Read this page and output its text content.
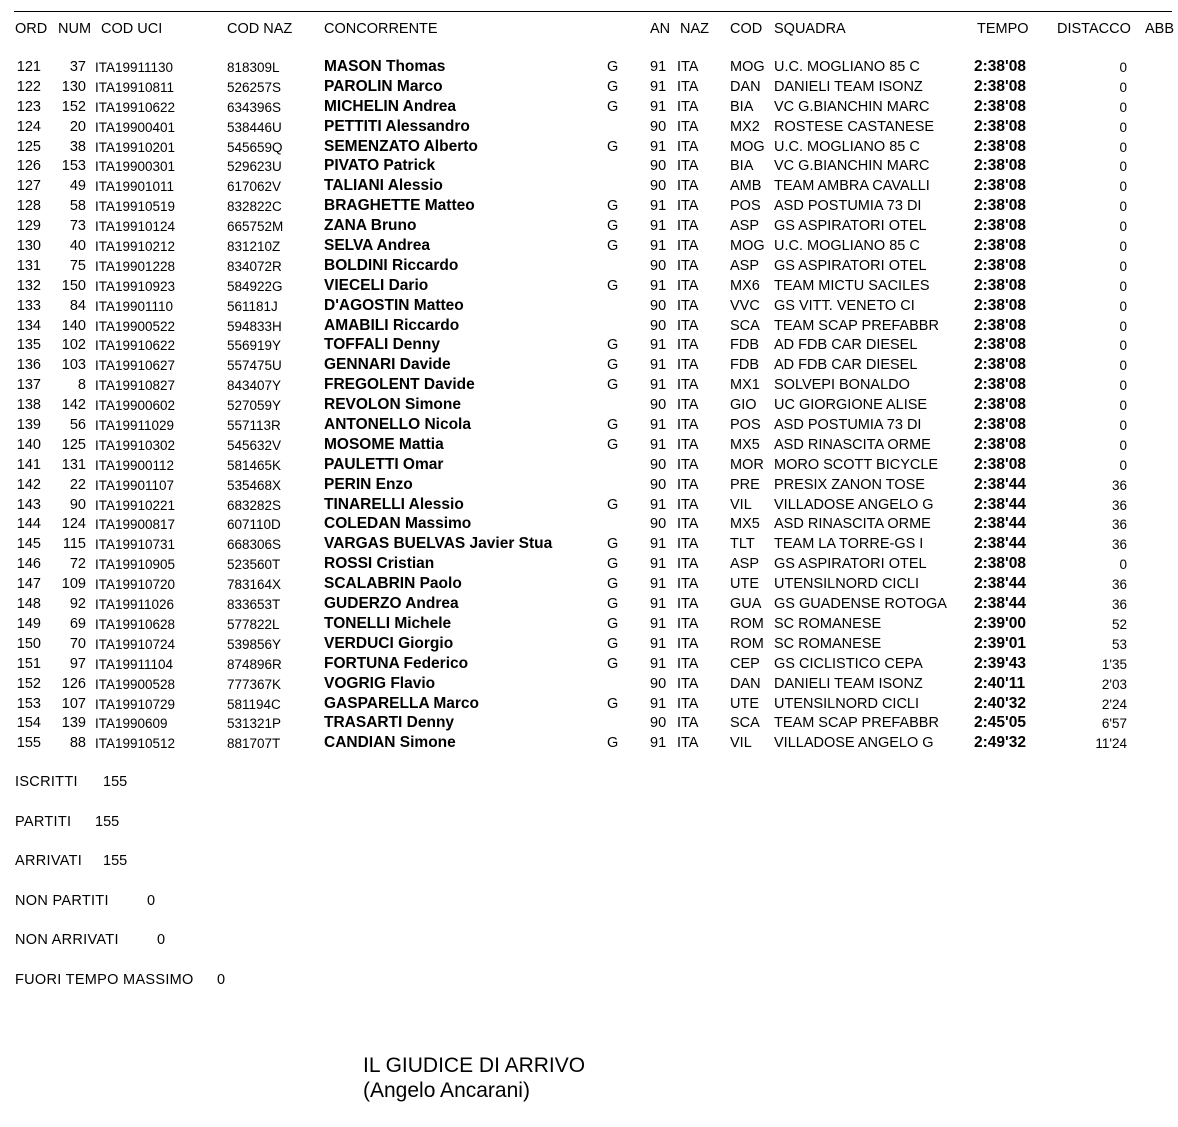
ORD NUM COD UCI	COD NAZ CONCORRENTE	AN NAZ COD SQUADRA	TEMPO DISTACCO ABB
121 37 ITA19911130	818309L	MASON Thomas	G 91 ITA MOG U.C. MOGLIANO 85 C	2:38'08	0
122 130 ITA19910811	526257S	PAROLIN Marco	G 91 ITA DAN DANIELI TEAM ISONZ	2:38'08	0
123 152 ITA19910622	634396S	MICHELIN Andrea	G 91 ITA BIA VC G.BIANCHIN MARC	2:38'08	0
124 20 ITA19900401	538446U	PETTITI Alessandro	90 ITA MX2 ROSTESE CASTANESE	2:38'08	0
125 38 ITA19910201	545659Q	SEMENZATO Alberto	G 91 ITA MOG U.C. MOGLIANO 85 C	2:38'08	0
126 153 ITA19900301	529623U	PIVATO Patrick	90 ITA BIA VC G.BIANCHIN MARC	2:38'08	0
127 49 ITA19901011	617062V	TALIANI Alessio	90 ITA AMB TEAM AMBRA CAVALLI	2:38'08	0
128 58 ITA19910519	832822C	BRAGHETTE Matteo	G 91 ITA POS ASD POSTUMIA 73 DI	2:38'08	0
129 73 ITA19910124	665752M	ZANA Bruno	G 91 ITA ASP GS ASPIRATORI OTEL	2:38'08	0
130 40 ITA19910212	831210Z	SELVA Andrea	G 91 ITA MOG U.C. MOGLIANO 85 C	2:38'08	0
131 75 ITA19901228	834072R	BOLDINI Riccardo	90 ITA ASP GS ASPIRATORI OTEL	2:38'08	0
132 150 ITA19910923	584922G	VIECELI Dario	G 91 ITA MX6 TEAM MICTU SACILES	2:38'08	0
133 84 ITA19901110	561181J	D'AGOSTIN Matteo	90 ITA VVC GS VITT. VENETO CI	2:38'08	0
134 140 ITA19900522	594833H	AMABILI Riccardo	90 ITA SCA TEAM SCAP PREFABBR 2:38'08	0
135 102 ITA19910622	556919Y	TOFFALI Denny	G 91 ITA FDB AD FDB CAR DIESEL	2:38'08	0
136 103 ITA19910627	557475U	GENNARI Davide	G 91 ITA FDB AD FDB CAR DIESEL	2:38'08	0
137	8 ITA19910827	843407Y	FREGOLENT Davide	G 91 ITA MX1 SOLVEPI BONALDO	2:38'08	0
138 142 ITA19900602	527059Y	REVOLON Simone	90 ITA GIO UC GIORGIONE ALISE	2:38'08	0
139 56 ITA19911029	557113R	ANTONELLO Nicola	G 91 ITA POS ASD POSTUMIA 73 DI	2:38'08	0
140 125 ITA19910302	545632V	MOSOME Mattia	G 91 ITA MX5 ASD RINASCITA ORME	2:38'08	0
141 131 ITA19900112	581465K	PAULETTI Omar	90 ITA MOR MORO SCOTT BICYCLE 2:38'08	0
142 22 ITA19901107	535468X	PERIN Enzo	90 ITA PRE PRESIX ZANON TOSE	2:38'44	36
143 90 ITA19910221	683282S	TINARELLI Alessio	G 91 ITA VIL VILLADOSE ANGELO G	2:38'44	36
144 124 ITA19900817	607110D	COLEDAN Massimo	90 ITA MX5 ASD RINASCITA ORME	2:38'44	36
145 115 ITA19910731	668306S	VARGAS BUELVAS Javier Stua	G 91 ITA TLT TEAM LA TORRE-GS I	2:38'44	36
146 72 ITA19910905	523560T	ROSSI Cristian	G 91 ITA ASP GS ASPIRATORI OTEL	2:38'08	0
147 109 ITA19910720	783164X	SCALABRIN Paolo	G 91 ITA UTE UTENSILNORD CICLI	2:38'44	36
148 92 ITA19911026	833653T	GUDERZO Andrea	G 91 ITA GUA GS GUADENSE ROTOGA 2:38'44	36
149 69 ITA19910628	577822L	TONELLI Michele	G 91 ITA ROM SC ROMANESE	2:39'00	52
150 70 ITA19910724	539856Y	VERDUCI Giorgio	G 91 ITA ROM SC ROMANESE	2:39'01	53
151 97 ITA19911104	874896R	FORTUNA Federico	G 91 ITA CEP GS CICLISTICO CEPA	2:39'43	1'35
152 126 ITA19900528	777367K	VOGRIG Flavio	90 ITA DAN DANIELI TEAM ISONZ	2:40'11	2'03
153 107 ITA19910729	581194C	GASPARELLA Marco	G 91 ITA UTE UTENSILNORD CICLI	2:40'32	2'24
154 139 ITA1990609	531321P	TRASARTI Denny	90 ITA SCA TEAM SCAP PREFABBR 2:45'05	6'57
155 88 ITA19910512	881707T	CANDIAN Simone	G 91 ITA VIL VILLADOSE ANGELO G	2:49'32	11'24
ISCRITTI 155
PARTITI 155
ARRIVATI 155
NON PARTITI	0
NON ARRIVATI	0
FUORI TEMPO MASSIMO 0
IL GIUDICE DI ARRIVO
(Angelo Ancarani)
